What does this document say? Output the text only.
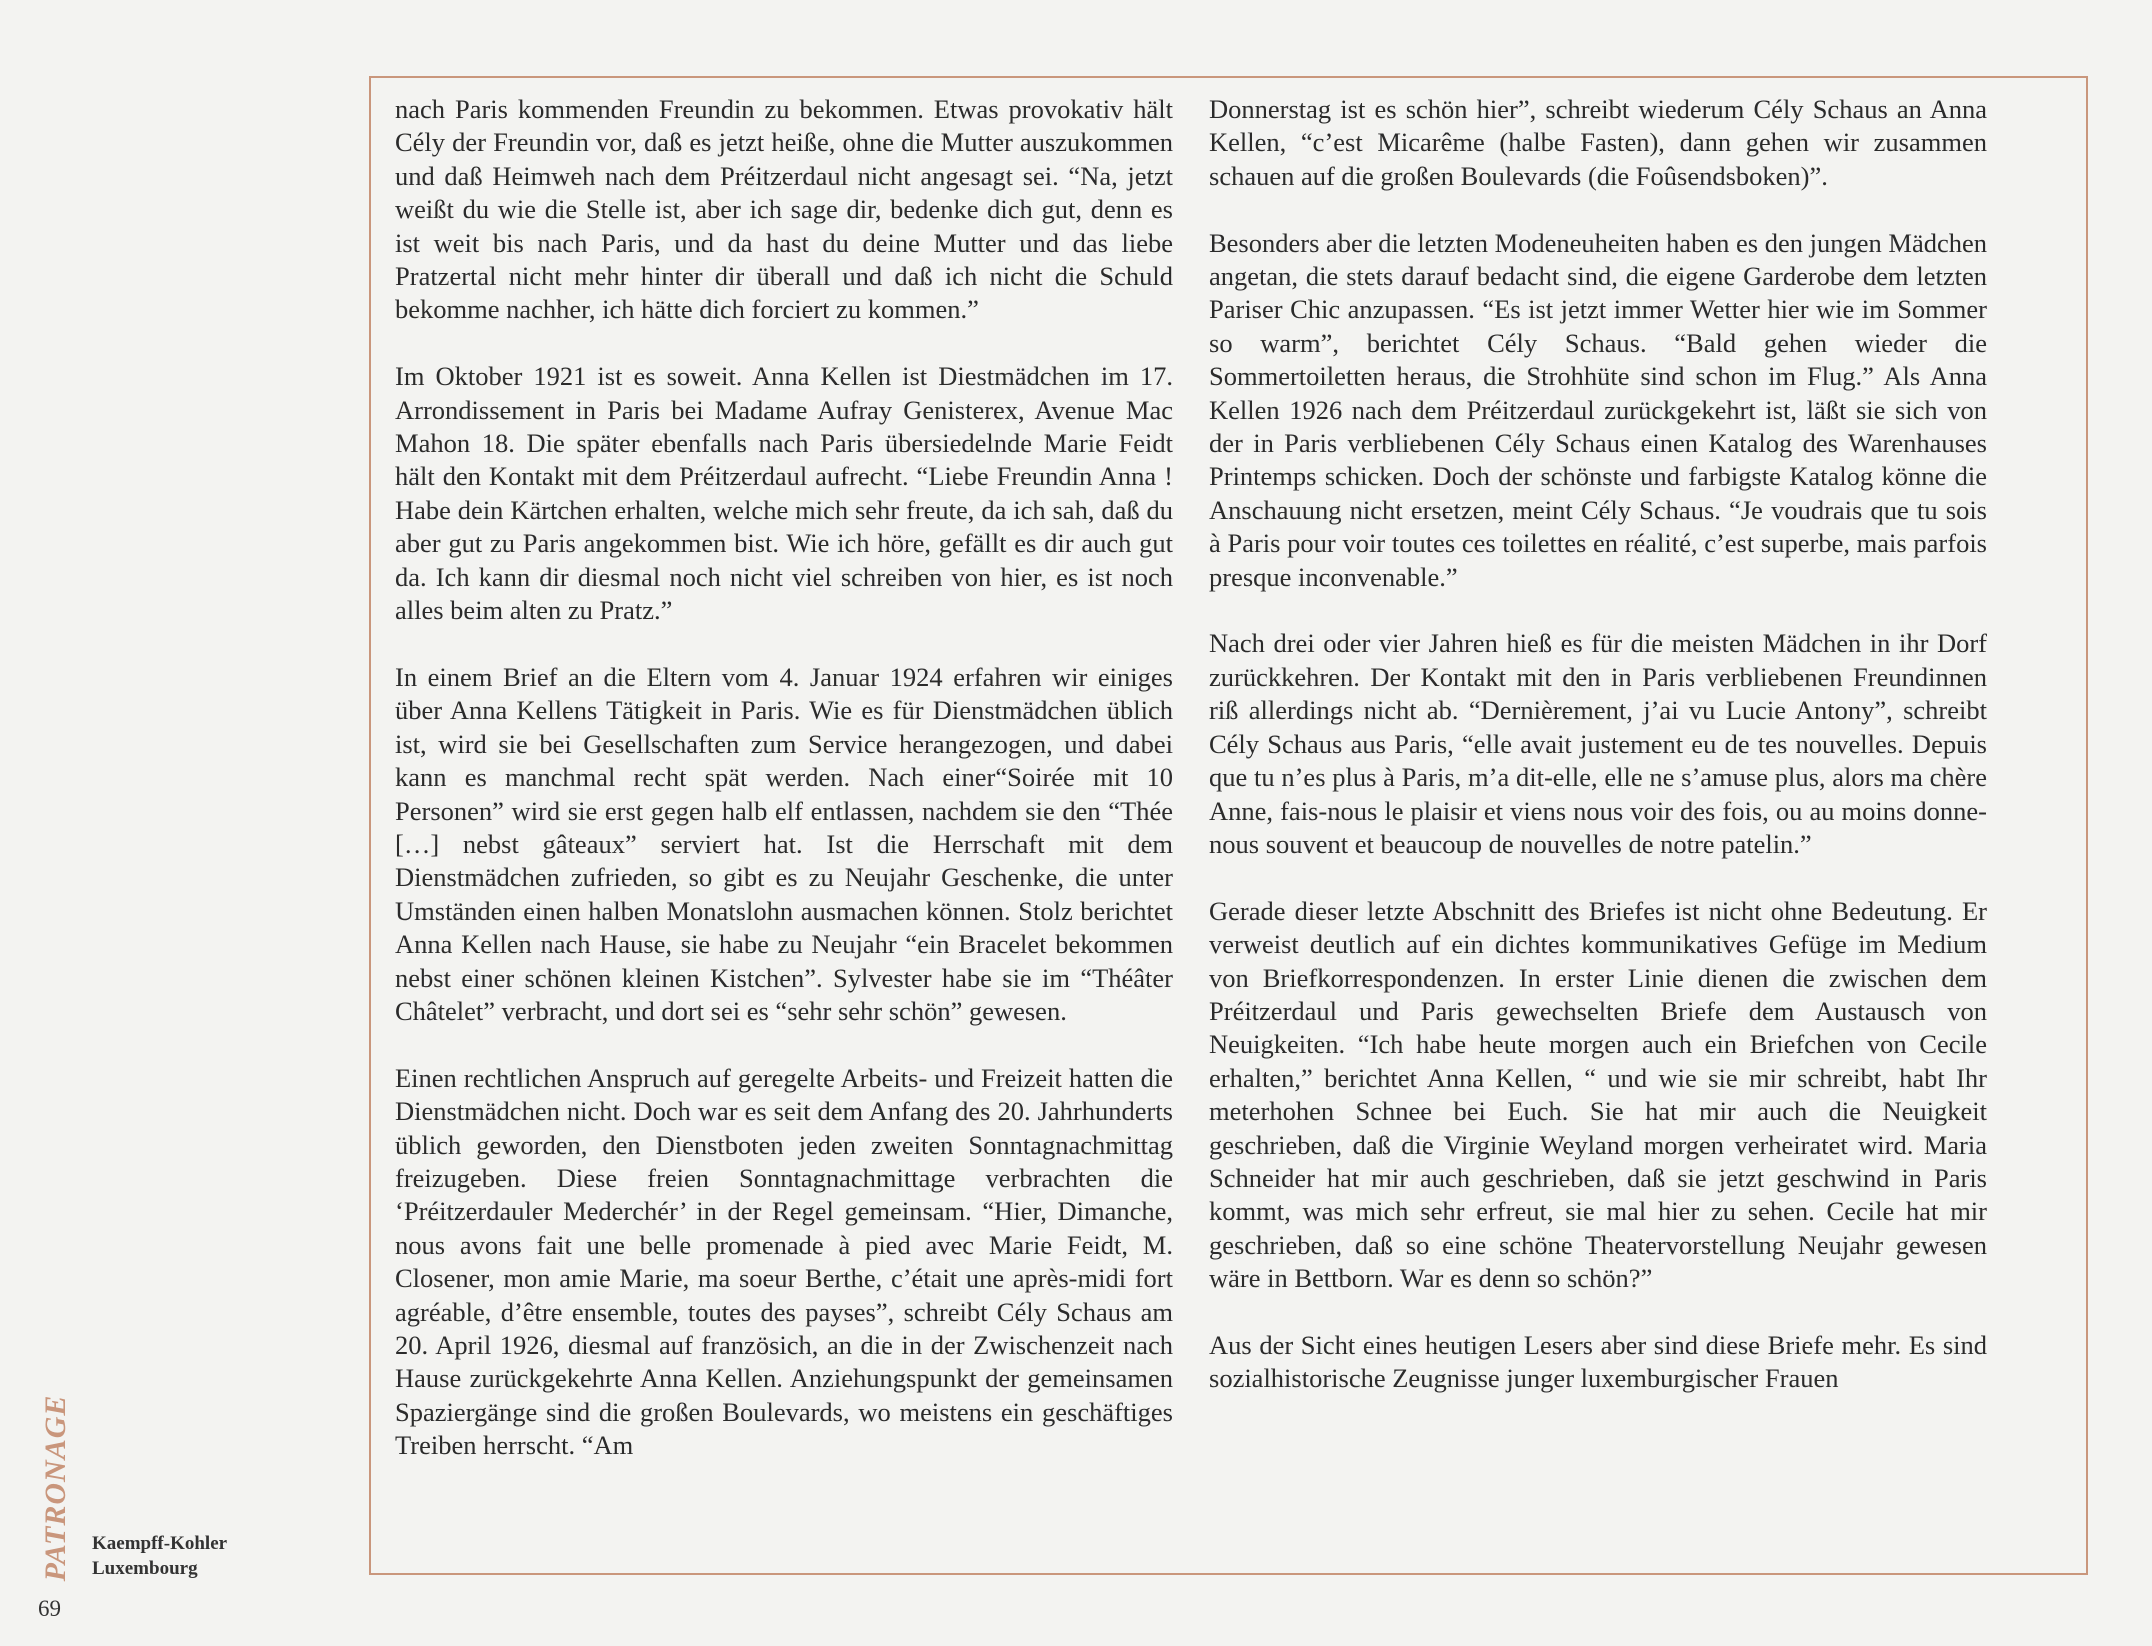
nach Paris kommenden Freundin zu bekommen. Etwas provokativ hält Cély der Freundin vor, daß es jetzt heiße, ohne die Mutter auszukommen und daß Heimweh nach dem Préitzerdaul nicht angesagt sei. “Na, jetzt weißt du wie die Stelle ist, aber ich sage dir, bedenke dich gut, denn es ist weit bis nach Paris, und da hast du deine Mutter und das liebe Pratzertal nicht mehr hinter dir überall und daß ich nicht die Schuld bekomme nachher, ich hätte dich forciert zu kommen.”

Im Oktober 1921 ist es soweit. Anna Kellen ist Diestmädchen im 17. Arrondissement in Paris bei Madame Aufray Genisterex, Avenue Mac Mahon 18. Die später ebenfalls nach Paris übersiedelnde Marie Feidt hält den Kontakt mit dem Préitzerdaul aufrecht. “Liebe Freundin Anna ! Habe dein Kärtchen erhalten, welche mich sehr freute, da ich sah, daß du aber gut zu Paris angekommen bist. Wie ich höre, gefällt es dir auch gut da. Ich kann dir diesmal noch nicht viel schreiben von hier, es ist noch alles beim alten zu Pratz.”

In einem Brief an die Eltern vom 4. Januar 1924 erfahren wir einiges über Anna Kellens Tätigkeit in Paris. Wie es für Dienstmädchen üblich ist, wird sie bei Gesellschaften zum Service herangezogen, und dabei kann es manchmal recht spät werden. Nach einer“Soirée mit 10 Personen” wird sie erst gegen halb elf entlassen, nachdem sie den “Thée […] nebst gâteaux” serviert hat. Ist die Herrschaft mit dem Dienstmädchen zufrieden, so gibt es zu Neujahr Geschenke, die unter Umständen einen halben Monatslohn ausmachen können. Stolz berichtet Anna Kellen nach Hause, sie habe zu Neujahr “ein Bracelet bekommen nebst einer schönen kleinen Kistchen”. Sylvester habe sie im “Théâter Châtelet” verbracht, und dort sei es “sehr sehr schön” gewesen.

Einen rechtlichen Anspruch auf geregelte Arbeits- und Freizeit hatten die Dienstmädchen nicht. Doch war es seit dem Anfang des 20. Jahrhunderts üblich geworden, den Dienstboten jeden zweiten Sonntagnachmittag freizugeben. Diese freien Sonntagnachmittage verbrachten die ‘Préitzerdauler Mederchér’ in der Regel gemeinsam. “Hier, Dimanche, nous avons fait une belle promenade à pied avec Marie Feidt, M. Closener, mon amie Marie, ma soeur Berthe, c’était une après-midi fort agréable, d’être ensemble, toutes des payses”, schreibt Cély Schaus am 20. April 1926, diesmal auf französich, an die in der Zwischenzeit nach Hause zurückgekehrte Anna Kellen. Anziehungspunkt der gemeinsamen Spaziergänge sind die großen Boulevards, wo meistens ein geschäftiges Treiben herrscht. “Am

Donnerstag ist es schön hier”, schreibt wiederum Cély Schaus an Anna Kellen, “c’est Micarême (halbe Fasten), dann gehen wir zusammen schauen auf die großen Boulevards (die Foûsendsboken)”.

Besonders aber die letzten Modeneuheiten haben es den jungen Mädchen angetan, die stets darauf bedacht sind, die eigene Garderobe dem letzten Pariser Chic anzupassen. “Es ist jetzt immer Wetter hier wie im Sommer so warm”, berichtet Cély Schaus. “Bald gehen wieder die Sommertoiletten heraus, die Strohhüte sind schon im Flug.” Als Anna Kellen 1926 nach dem Préitzerdaul zurückgekehrt ist, läßt sie sich von der in Paris verbliebenen Cély Schaus einen Katalog des Warenhauses Printemps schicken. Doch der schönste und farbigste Katalog könne die Anschauung nicht ersetzen, meint Cély Schaus. “Je voudrais que tu sois à Paris pour voir toutes ces toilettes en réalité, c’est superbe, mais parfois presque inconvenable.”

Nach drei oder vier Jahren hieß es für die meisten Mädchen in ihr Dorf zurückkehren. Der Kontakt mit den in Paris verbliebenen Freundinnen riß allerdings nicht ab. “Dernièrement, j’ai vu Lucie Antony”, schreibt Cély Schaus aus Paris, “elle avait justement eu de tes nouvelles. Depuis que tu n’es plus à Paris, m’a dit-elle, elle ne s’amuse plus, alors ma chère Anne, fais-nous le plaisir et viens nous voir des fois, ou au moins donne-nous souvent et beaucoup de nouvelles de notre patelin.”

Gerade dieser letzte Abschnitt des Briefes ist nicht ohne Bedeutung. Er verweist deutlich auf ein dichtes kommunikatives Gefüge im Medium von Briefkorrespondenzen. In erster Linie dienen die zwischen dem Préitzerdaul und Paris gewechselten Briefe dem Austausch von Neuigkeiten. “Ich habe heute morgen auch ein Briefchen von Cecile erhalten,” berichtet Anna Kellen, “ und wie sie mir schreibt, habt Ihr meterhohen Schnee bei Euch. Sie hat mir auch die Neuigkeit geschrieben, daß die Virginie Weyland morgen verheiratet wird. Maria Schneider hat mir auch geschrieben, daß sie jetzt geschwind in Paris kommt, was mich sehr erfreut, sie mal hier zu sehen. Cecile hat mir geschrieben, daß so eine schöne Theatervorstellung Neujahr gewesen wäre in Bettborn. War es denn so schön?”

Aus der Sicht eines heutigen Lesers aber sind diese Briefe mehr. Es sind sozialhistorische Zeugnisse junger luxemburgischer Frauen

PATRONAGE Kaempff-Kohler
Luxembourg
69
